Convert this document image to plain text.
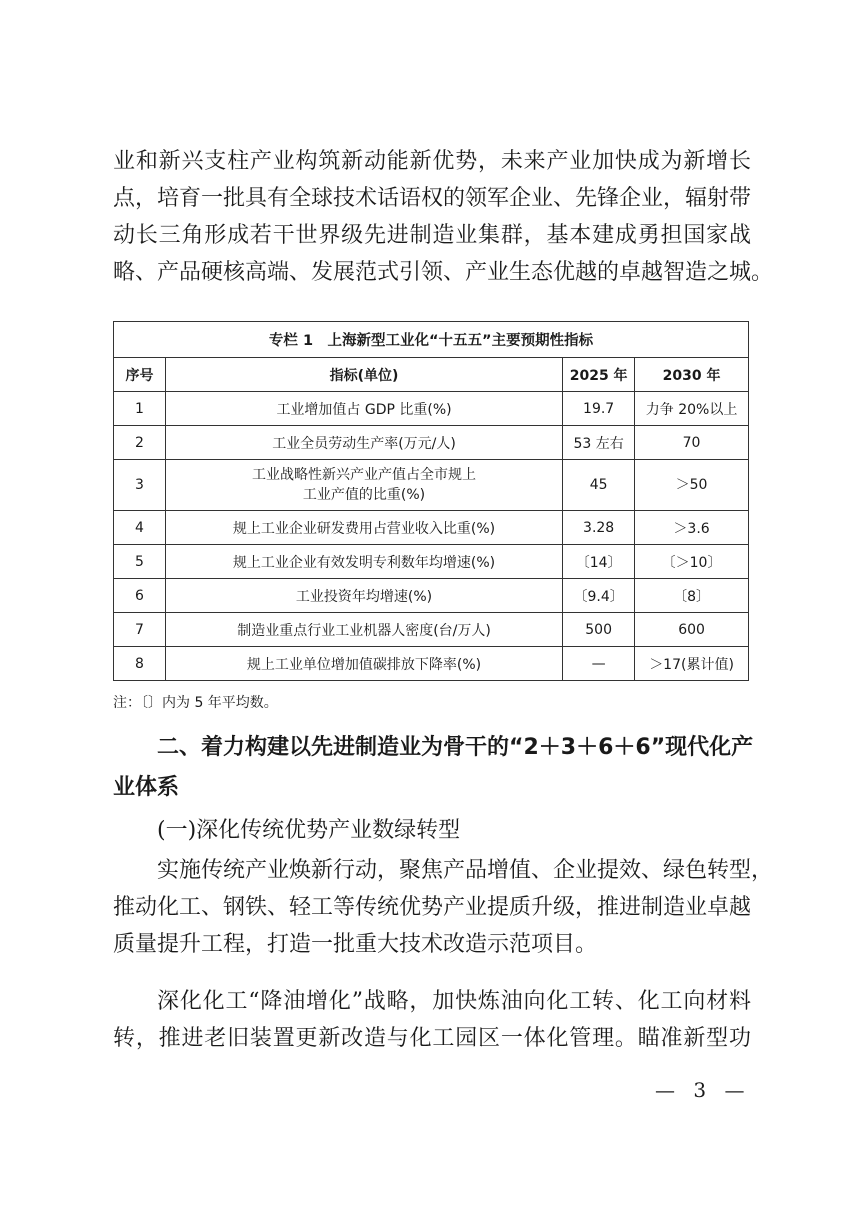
业和新兴支柱产业构筑新动能新优势，未来产业加快成为新增长
点，培育一批具有全球技术话语权的领军企业、先锋企业，辐射带
动长三角形成若干世界级先进制造业集群，基本建成勇担国家战
略、产品硬核高端、发展范式引领、产业生态优越的卓越智造之城。
专栏 1　上海新型工业化“十五五”主要预期性指标			
序号	指标(单位)	2025 年	2030 年
1	工业增加值占 GDP 比重(%)	19.7	力争 20%以上
2	工业全员劳动生产率(万元/人)	53 左右	70
3	工业战略性新兴产业产值占全市规上
工业产值的比重(%)	45	＞50
4	规上工业企业研发费用占营业收入比重(%)	3.28	＞3.6
5	规上工业企业有效发明专利数年均增速(%)	〔14〕	〔＞10〕
6	工业投资年均增速(%)	〔9.4〕	〔8〕
7	制造业重点行业工业机器人密度(台/万人)	500	600
8	规上工业单位增加值碳排放下降率(%)	—	＞17(累计值)
注：〔〕内为 5 年平均数。
二、着力构建以先进制造业为骨干的“2＋3＋6＋6”现代化产
业体系
(一)深化传统优势产业数绿转型
实施传统产业焕新行动，聚焦产品增值、企业提效、绿色转型，
推动化工、钢铁、轻工等传统优势产业提质升级，推进制造业卓越
质量提升工程，打造一批重大技术改造示范项目。
深化化工“降油增化”战略，加快炼油向化工转、化工向材料
转，推进老旧装置更新改造与化工园区一体化管理。瞄准新型功
— 3 —
